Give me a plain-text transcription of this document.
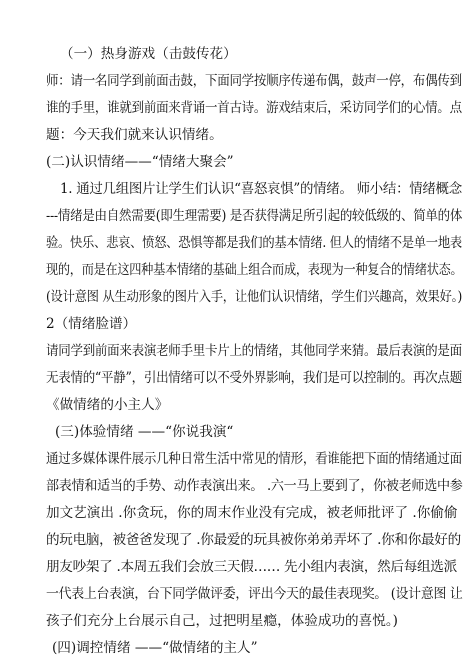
（一）热身游戏（击鼓传花）
师：请一名同学到前面击鼓，下面同学按顺序传递布偶，鼓声一停，布偶传到
谁的手里，谁就到前面来背诵一首古诗。游戏结束后，采访同学们的心情。点
题：今天我们就来认识情绪。
(二)认识情绪——“情绪大聚会”
1. 通过几组图片让学生们认识“喜怒哀惧”的情绪。 师小结：情绪概念
---情绪是由自然需要(即生理需要) 是否获得满足所引起的较低级的、简单的体
验。快乐、悲哀、愤怒、恐惧等都是我们的基本情绪. 但人的情绪不是单一地表
现的，而是在这四种基本情绪的基础上组合而成，表现为一种复合的情绪状态。
(设计意图 从生动形象的图片入手，让他们认识情绪，学生们兴趣高，效果好。)
2（情绪脸谱）
请同学到前面来表演老师手里卡片上的情绪，其他同学来猜。最后表演的是面
无表情的“平静”，引出情绪可以不受外界影响，我们是可以控制的。再次点题
《做情绪的小主人》
(三)体验情绪 ——“你说我演“
通过多媒体课件展示几种日常生活中常见的情形，看谁能把下面的情绪通过面
部表情和适当的手势、动作表演出来。 .六一马上要到了，你被老师选中参
加文艺演出 .你贪玩，你的周末作业没有完成，被老师批评了 .你偷偷
的玩电脑，被爸爸发现了 .你最爱的玩具被你弟弟弄坏了 .你和你最好的
朋友吵架了 .本周五我们会放三天假…… 先小组内表演，然后每组选派
一代表上台表演，台下同学做评委，评出今天的最佳表现奖。 (设计意图 让
孩子们充分上台展示自己，过把明星瘾，体验成功的喜悦。)
(四)调控情绪 ——“做情绪的主人”
